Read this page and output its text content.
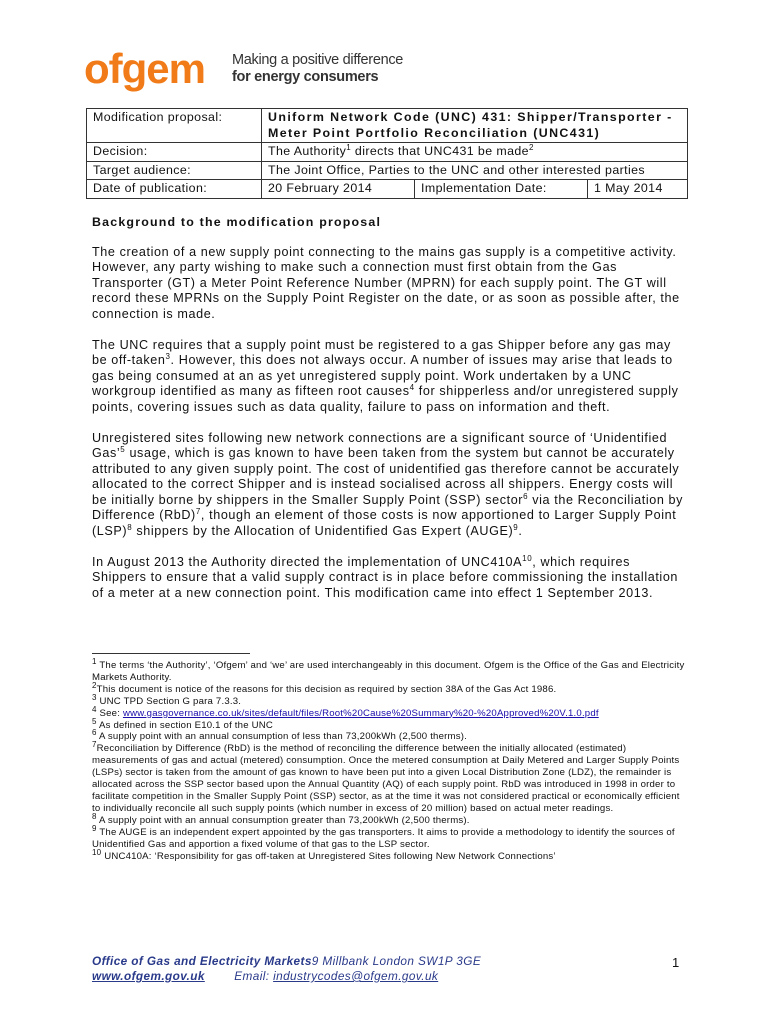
ofgem Making a positive difference
for energy consumers
Modification proposal:	Uniform Network Code (UNC) 431: Shipper/Transporter - Meter Point Portfolio Reconciliation (UNC431)		
Decision:	The Authority$^1$ directs that UNC431 be made$^2$
Target audience:	The Joint Office, Parties to the UNC and other interested parties		
Date of publication:	20 February 2014	Implementation Date:	1 May 2014
Background to the modification proposal

The creation of a new supply point connecting to the mains gas supply is a competitive activity. However, any party wishing to make such a connection must first obtain from the Gas Transporter (GT) a Meter Point Reference Number (MPRN) for each supply point. The GT will record these MPRNs on the Supply Point Register on the date, or as soon as possible after, the connection is made.

The UNC requires that a supply point must be registered to a gas Shipper before any gas may be off-taken$^3$. However, this does not always occur. A number of issues may arise that leads to gas being consumed at an as yet unregistered supply point. Work undertaken by a UNC workgroup identified as many as fifteen root causes$^4$ for shipperless and/or unregistered supply points, covering issues such as data quality, failure to pass on information and theft.

Unregistered sites following new network connections are a significant source of ‘Unidentified Gas’$^5$ usage, which is gas known to have been taken from the system but cannot be accurately attributed to any given supply point. The cost of unidentified gas therefore cannot be accurately allocated to the correct Shipper and is instead socialised across all shippers. Energy costs will be initially borne by shippers in the Smaller Supply Point (SSP) sector$^6$ via the Reconciliation by Difference (RbD)$^7$, though an element of those costs is now apportioned to Larger Supply Point (LSP)$^8$ shippers by the Allocation of Unidentified Gas Expert (AUGE)$^9$.

In August 2013 the Authority directed the implementation of $UNC410A^{10}$, which requires Shippers to ensure that a valid supply contract is in place before commissioning the installation of a meter at a new connection point. This modification came into effect 1 September 2013.

$^1$ The terms ‘the Authority’, ‘Ofgem’ and ‘we’ are used interchangeably in this document. Ofgem is the Office of the Gas and Electricity Markets Authority.
$^2$This document is notice of the reasons for this decision as required by section 38A of the Gas Act 1986.
$^3$ UNC TPD Section G para 7.3.3.
$^4$ See: www.gasgovernance.co.uk/sites/default/files/Root%20Cause%20Summary%20-%20Approved%20V.1.0.pdf
$^5$ As defined in section E10.1 of the UNC
$^6$ A supply point with an annual consumption of less than 73,200kWh (2,500 therms).
$^7$Reconciliation by Difference (RbD) is the method of reconciling the difference between the initially allocated (estimated) measurements of gas and actual (metered) consumption. Once the metered consumption at Daily Metered and Larger Supply Points (LSPs) sector is taken from the amount of gas known to have been put into a given Local Distribution Zone (LDZ), the remainder is allocated across the SSP sector based upon the Annual Quantity (AQ) of each supply point. RbD was introduced in 1998 in order to facilitate competition in the Smaller Supply Point (SSP) sector, as at the time it was not considered practical or economically efficient to individually reconcile all such supply points (which number in excess of 20 million) based on actual meter readings.
$^8$ A supply point with an annual consumption greater than 73,200kWh (2,500 therms).
$^9$ The AUGE is an independent expert appointed by the gas transporters. It aims to provide a methodology to identify the sources of Unidentified Gas and apportion a fixed volume of that gas to the LSP sector.
$^{10}$ UNC410A: ‘Responsibility for gas off-taken at Unregistered Sites following New Network Connections’
Office of Gas and Electricity Markets9 Millbank London SW1P 3GE
www.ofgem.gov.uk Email: industrycodes@ofgem.gov.uk
1
